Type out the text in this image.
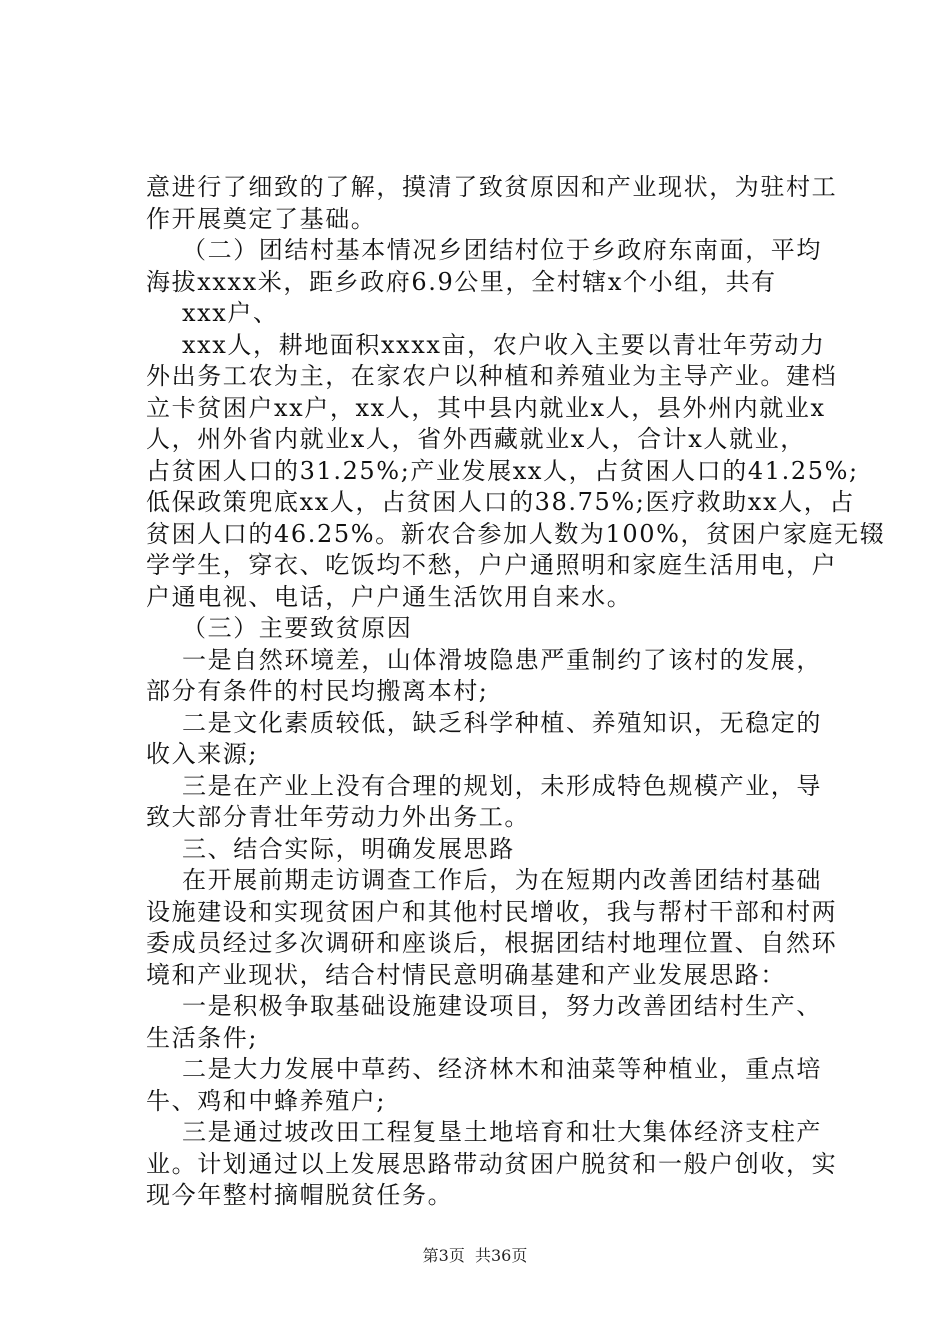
意进行了细致的了解，摸清了致贫原因和产业现状，为驻村工
作开展奠定了基础。
（二）团结村基本情况乡团结村位于乡政府东南面，平均
海拔xxxx米，距乡政府6.9公里，全村辖x个小组，共有
xxx户、
xxx人，耕地面积xxxx亩，农户收入主要以青壮年劳动力
外出务工农为主，在家农户以种植和养殖业为主导产业。建档
立卡贫困户xx户，xx人，其中县内就业x人，县外州内就业x
人，州外省内就业x人，省外西藏就业x人，合计x人就业，
占贫困人口的31.25%;产业发展xx人，占贫困人口的41.25%;
低保政策兜底xx人，占贫困人口的38.75%;医疗救助xx人，占
贫困人口的46.25%。新农合参加人数为100%，贫困户家庭无辍
学学生，穿衣、吃饭均不愁，户户通照明和家庭生活用电，户
户通电视、电话，户户通生活饮用自来水。
（三）主要致贫原因
一是自然环境差，山体滑坡隐患严重制约了该村的发展，
部分有条件的村民均搬离本村;
二是文化素质较低，缺乏科学种植、养殖知识，无稳定的
收入来源;
三是在产业上没有合理的规划，未形成特色规模产业，导
致大部分青壮年劳动力外出务工。
三、结合实际，明确发展思路
在开展前期走访调查工作后，为在短期内改善团结村基础
设施建设和实现贫困户和其他村民增收，我与帮村干部和村两
委成员经过多次调研和座谈后，根据团结村地理位置、自然环
境和产业现状，结合村情民意明确基建和产业发展思路：
一是积极争取基础设施建设项目，努力改善团结村生产、
生活条件;
二是大力发展中草药、经济林木和油菜等种植业，重点培
牛、鸡和中蜂养殖户;
三是通过坡改田工程复垦土地培育和壮大集体经济支柱产
业。计划通过以上发展思路带动贫困户脱贫和一般户创收，实
现今年整村摘帽脱贫任务。
第3页  共36页
